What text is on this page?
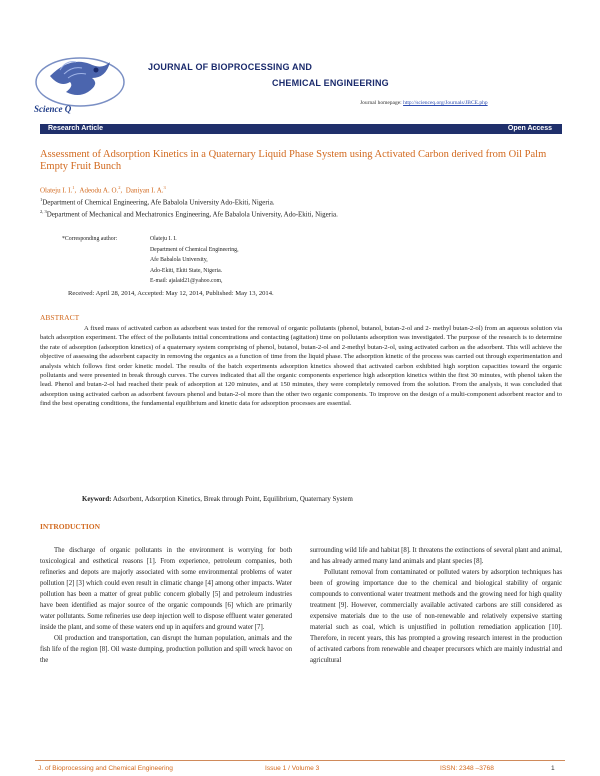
Science Q
JOURNAL OF BIOPROCESSING AND
CHEMICAL ENGINEERING
Journal homepage: http://scienceq.org/Journals/JBCE.php
Research Article	Open Access
Assessment of Adsorption Kinetics in a Quaternary Liquid Phase System using Activated Carbon derived from Oil Palm Empty Fruit Bunch
Olateju I. I.$^1$,  Adeodu A. O.$^2$,  Daniyan I. A.$^3$
$^1$Department of Chemical Engineering, Afe Babalola University Ado-Ekiti, Nigeria.
$^{2, 3}$Department of Mechanical and Mechatronics Engineering, Afe Babalola University, Ado-Ekiti, Nigeria.
*Corresponding author:	Olateju I. I.
Department of Chemical Engineering,
Afe Babalola University,
Ado-Ekiti, Ekiti State, Nigeria.
E-mail: ajalaid21@yahoo.com,
Received: April 28, 2014, Accepted: May 12, 2014, Published: May 13, 2014.
ABSTRACT
A fixed mass of activated carbon as adsorbent was tested for the removal of organic pollutants (phenol, butanol, butan-2-ol and 2- methyl butan-2-ol) from an aqueous solution via batch adsorption experiment. The effect of the pollutants initial concentrations and contacting (agitation) time on pollutants adsorption was investigated. The purpose of the research is to determine the rate of adsorption (adsorption kinetics) of a quaternary system comprising of phenol, butanol, butan-2-ol and 2-methyl butan-2-ol, using activated carbon as the adsorbent. This will achieve the objective of assessing the adsorbent capacity in removing the organics as a function of time from the liquid phase. The adsorption kinetic of the process was carried out through experimentation and analysis which follows first order kinetic model. The results of the batch experiments adsorption kinetics showed that activated carbon exhibited high sorption capacities toward the organic pollutants and were presented in break through curves. The curves indicated that all the organic components experience high adsorption kinetics within the first 30 minutes, with phenol taken the lead. Phenol and butan-2-ol had reached their peak of adsorption at 120 minutes, and at 150 minutes, they were completely removed from the solution. From the analysis, it was concluded that adsorption using activated carbon as adsorbent favours phenol and butan-2-ol more than the other two organic components. To improve on the design of a multi-component adsorbent reactor and to find the best operating conditions, the fundamental equilibrium and kinetic data for adsorption processes are essential.
Keyword: Adsorbent, Adsorption Kinetics, Break through Point, Equilibrium, Quaternary System
INTRODUCTION

The discharge of organic pollutants in the environment is worrying for both toxicological and esthetical reasons [1]. From experience, petroleum companies, both refineries and depots are majorly associated with some environmental problems of water pollution [2] [3] which could even result in climatic change [4] among other impacts. Water pollution has been a matter of great public concern globally [5] and petroleum industries have been identified as major source of the organic compounds [6] which are primarily water pollutants. Some refineries use deep injection well to dispose effluent water generated inside the plant, and some of these waters end up in aquifers and ground water [7].

Oil production and transportation, can disrupt the human population, animals and the fish life of the region [8]. Oil waste dumping, production pollution and spill wreck havoc on the

surrounding wild life and habitat [8]. It threatens the extinctions of several plant and animal, and has already armed many land animals and plant species [8].

Pollutant removal from contaminated or polluted waters by adsorption techniques has been of growing importance due to the chemical and biological stability of organic compounds to conventional water treatment methods and the growing need for high quality treatment [9]. However, commercially available activated carbons are still considered as expensive materials due to the use of non-renewable and relatively expensive starting material such as coal, which is unjustified in pollution remediation application [10]. Therefore, in recent years, this has prompted a growing research interest in the production of activated carbons from renewable and cheaper precursors which are mainly industrial and agricultural

J. of Bioprocessing and Chemical Engineering	Issue 1 / Volume 3	ISSN: 2348 –3768	1
